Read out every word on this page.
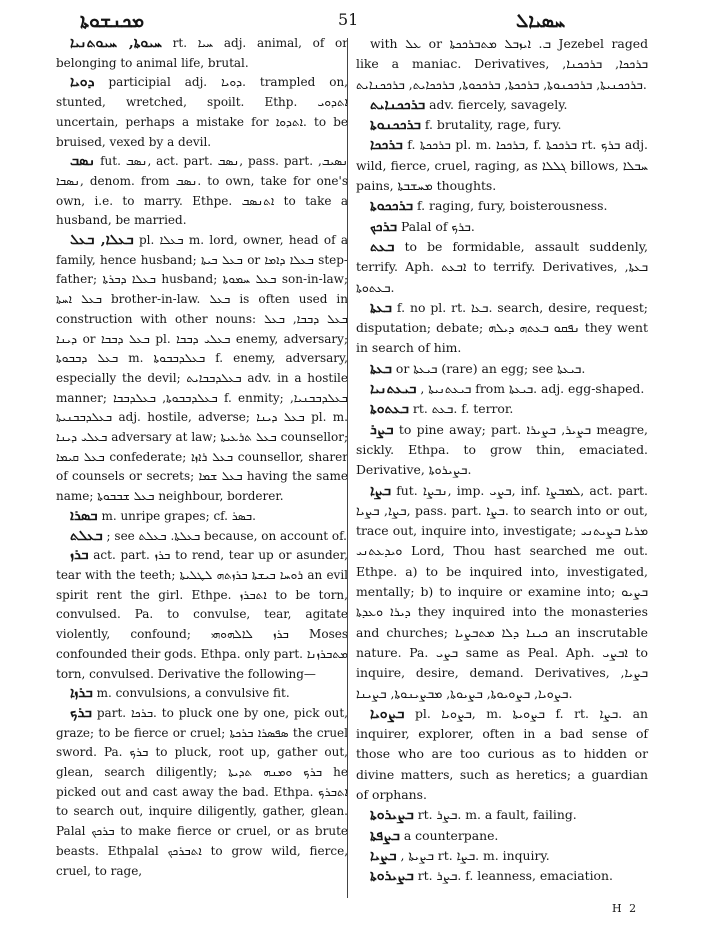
ܡܟܢܫܘܬܐ	51	ܚܣܝܐܠ

ܚܝܘܬܐ, ܚܝܘܬܢܝܐ rt. ܚܝܐ adj. animal, of or belonging to animal life, brutal.

ܕܘܝܐ participial adj. ܕܘܝܐ. trampled on, stunted, wretched, spoilt. Ethp. ܐܬܕܘܝ uncertain, perhaps a mistake for ܐܬܕܘܐ. to be bruised, vexed by a devil.

ܢܣܒ fut. ܢܣܒ, act. part. ܢܣܒ, pass. part. ܢܣܝܒ, ܢܣܒܐ, denom. from ܢܣܒ. to own, take for one's own, i.e. to marry. Ethpe. ܐܬܢܣܒ to take a husband, be married.

ܒܥܠܐ, ܒܥܠ pl. ܒܥܠܐ m. lord, owner, head of a family, hence husband; ܒܥܠ ܒܝܬܐ or ܒܥܠܐ ܕܐܡܐ step-father; ܒܥܠܐ ܕܒܪܬܐ husband; ܒܥܠ ܚܡܘܬܐ son-in-law; ܒܥܠ ܐܚܬܐ brother-in-law. ܒܥܠ is often used in construction with other nouns: ܒܥܠ ܕܒܒܐ, ܒܥܠ ܕܝܢܐ or ܒܥܠ ܕܒܒܐ pl. ܒܥܠܝ ܕܒܒܐ enemy, adversary; ܒܥܠ ܕܒܒܘܬܐ m. ܒܥܠܕܒܒܘܬܐ f. enemy, adversary, especially the devil; ܒܥܠܕܒܒܐܝܬ adv. in a hostile manner; ܒܥܠܕܒܒܘܬܐ, ܒܥܠܕܒܒܐ f. enmity; ܒܥܠܕܒܒܢܝܐ, ܒܥܠܕܒܒܢܝܬܐ adj. hostile, adverse; ܒܥܠ ܕܝܢܐ pl. m. ܒܥܠܝ ܕܝܢܐ adversary at law; ܒܥܠ ܬܪܥܝܬܐ counsellor; ܒܥܠ ܩܝܡܐ confederate; ܒܥܠ ܪܐܙܐ counsellor, sharer of counsels or secrets; ܒܥܠ ܫܡܐ having the same name; ܒܥܠ ܫܒܒܘܬܐ neighbour, borderer.

ܒܣܪܐ m. unripe grapes; cf. ܒܣܪ.

ܒܥܠܬ ; see ܒܥܠܬܐ. ܒܥܠܬ because, on account of.

ܒܪܙ act. part. ܒܪܙ to rend, tear up or asunder, tear with the teeth; ܪܘܚܐ ܒܝܫܬܐ ܒܪܙܬܗ ܠܛܠܝܬܐ an evil spirit rent the girl. Ethpe. ܐܬܒܪܙ to be torn, convulsed. Pa. to convulse, tear, agitate violently, confound; ܒܪܙ ܠܐܠܗܘܗܝ Moses confounded their gods. Ethpa. only part. ܡܬܒܪܙܢܐ torn, convulsed. Derivative the following—

ܒܪܙܐ m. convulsions, a convulsive fit.

ܒܪܟ part. ܒܪܟܐ. to pluck one by one, pick out, graze; to be fierce or cruel; ܣܦܣܪܐ ܒܪܟܬܐ the cruel sword. Pa. ܒܪܟ to pluck, root up, gather out, glean, search diligently; ܒܪܟ ܘܡܢܗ ܬܕܝܬܐ he picked out and cast away the bad. Ethpa. ܐܬܒܪܟ to search out, inquire diligently, gather, glean. Palal ܒܪܟܟ to make fierce or cruel, or as brute beasts. Ethpalal ܐܬܒܪܟܟ to grow wild, fierce, cruel, to rage,

with ܥܠ or ܒ. ܐܝܙܒܠ ܡܬܒܪܟܟܬܐ Jezebel raged like a maniac. Derivatives, ܒܪܟܟܐ, ܒܪܟܟܢܐ, ܒܪܟܟܢܝܬܐ, ܒܪܟܟܢܘܬܐ, ܒܪܟܟܬܐ, ܒܪܟܟܘܬܐ, ܒܪܟܟܐܝܬ, ܒܪܟܟܢܐܝܬ.

ܒܪܟܟܢܐܝܬ adv. fiercely, savagely.

ܒܪܟܟܢܘܬܐ f. brutality, rage, fury.

ܒܪܟܟܐ f. ܒܪܟܟܬܐ pl. m. ܒܪܟܟܐ, f. ܒܪܟܟܬܐ rt. ܒܪܟ adj. wild, fierce, cruel, raging, as ܓܠܠܐ billows, ܚܒܠܐ pains, ܡܚܫܒܬܐ thoughts.

ܒܪܟܟܘܬܐ f. raging, fury, boisterousness.

ܒܪܟܟ Palal of ܒܪܟ.

ܒܥܬ to be formidable, assault suddenly, terrify. Aph. ܐܒܥܬ to terrify. Derivatives, ܒܥܬܐ, ܒܥܬܘܬܐ.

ܒܥܬܐ f. no pl. rt. ܒܥܐ. search, desire, request; disputation; debate; ܢܦܩܘ ܒܥܬܗ ܕܝܠܗ they went in search of him.

ܒܥܬܐ or ܒܝܥܬܐ (rare) an egg; see ܒܝܥܬܐ.

ܒܝܥܬܢܝܐ , ܒܝܥܬܢܝܬܐ from ܒܝܥܬܐ. adj. egg-shaped.

ܒܥܬܘܬܐ rt. ܒܥܬ. f. terror.

ܒܨܪ to pine away; part. ܒܨܝܪ, ܒܨܝܪܐ meagre, sickly. Ethpa. to grow thin, emaciated. Derivative, ܒܨܝܪܘܬܐ.

ܒܨܐ fut. ܢܒܨܐ, imp. ܒܨܝ, inf. ܠܡܒܨܐ, act. part. ܒܨܐ, ܒܨܝܐ, pass. part. ܒܨܐ. to search into or out, trace out, inquire into, investigate; ܡܪܝܐ ܒܨܝܬܢܝ ܘܝܕܥܬܢܝ Lord, Thou hast searched me out. Ethpe. a) to be inquired into, investigated, mentally; b) to inquire or examine into; ܒܨܝܘ ܕܝܪܐ ܘܥܕܬܐ they inquired into the monasteries and churches; ܟܝܢܐ ܕܠܐ ܡܬܒܨܝܐ an inscrutable nature. Pa. ܒܨܝ same as Peal. Aph. ܐܒܨܝ to inquire, desire, demand. Derivatives, ܒܨܝܐ, ܒܨܘܝܐ, ܒܨܘܝܘܬܐ, ܒܨܝܘܬܐ, ܡܒܨܝܢܘܬܐ, ܒܨܝܢܐ.

ܒܨܘܝܐ pl. ܒܨܘܝܐ, m. ܒܨܘܝܬܐ f. rt. ܒܨܐ. an inquirer, explorer, often in a bad sense of those who are too curious as to hidden or divine matters, such as heretics; a guardian of orphans.

ܒܨܝܪܘܬܐ rt. ܒܨܪ. m. a fault, failing.

ܒܨܦܬܐ a counterpane.

ܒܨܝܐ , ܒܨܝܬܐ rt. ܒܨܐ. m. inquiry.

ܒܨܝܪܘܬܐ rt. ܒܨܪ. f. leanness, emaciation.

H 2
